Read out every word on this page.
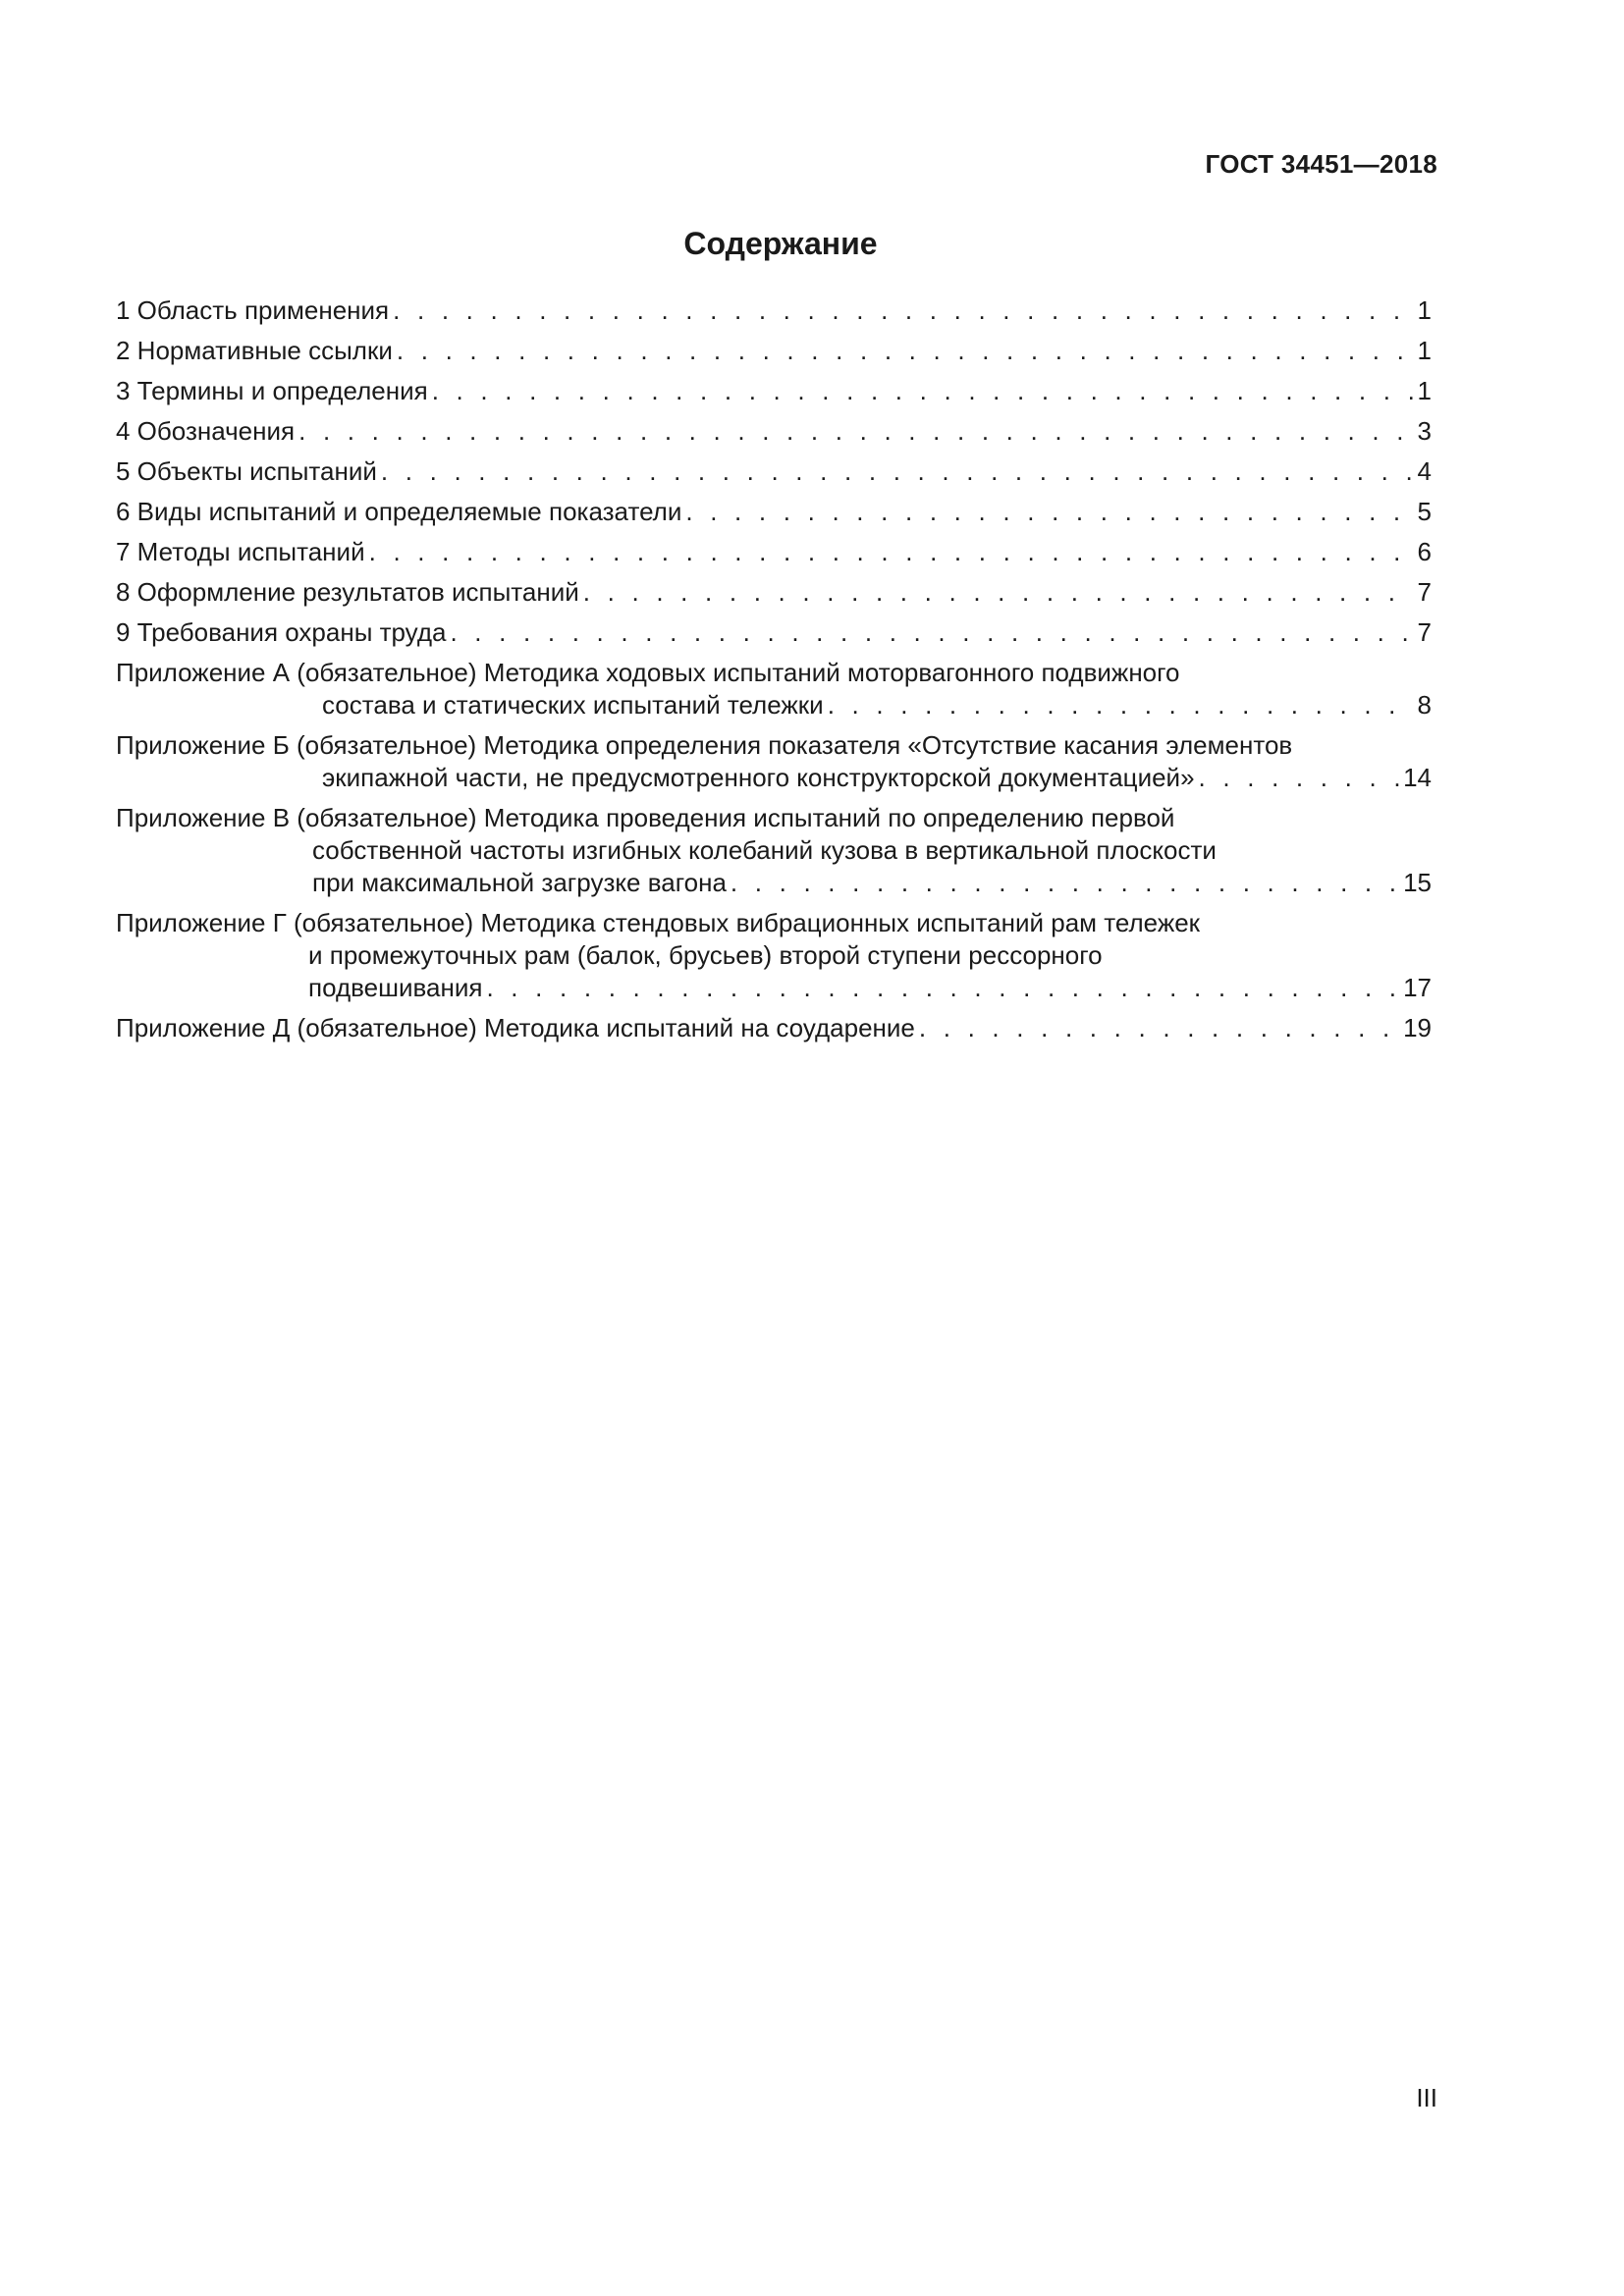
ГОСТ 34451—2018
Содержание
1 Область применения . . .	1
2 Нормативные ссылки . . .	1
3 Термины и определения . . .	1
4 Обозначения . . .	3
5 Объекты испытаний . . .	4
6 Виды испытаний и определяемые показатели . . .	5
7 Методы испытаний . . .	6
8 Оформление результатов испытаний . . .	7
9 Требования охраны труда . . .	7
Приложение А (обязательное) Методика ходовых испытаний моторвагонного подвижного
состава и статических испытаний тележки . . .	8
Приложение Б (обязательное) Методика определения показателя «Отсутствие касания элементов
экипажной части, не предусмотренного конструкторской документацией» . . .	14
Приложение В (обязательное) Методика проведения испытаний по определению первой
собственной частоты изгибных колебаний кузова в вертикальной плоскости
при максимальной загрузке вагона . . .	15
Приложение Г (обязательное) Методика стендовых вибрационных испытаний рам тележек
и промежуточных рам (балок, брусьев) второй ступени рессорного
подвешивания . . .	17
Приложение Д (обязательное) Методика испытаний на соударение . . .	19
III
